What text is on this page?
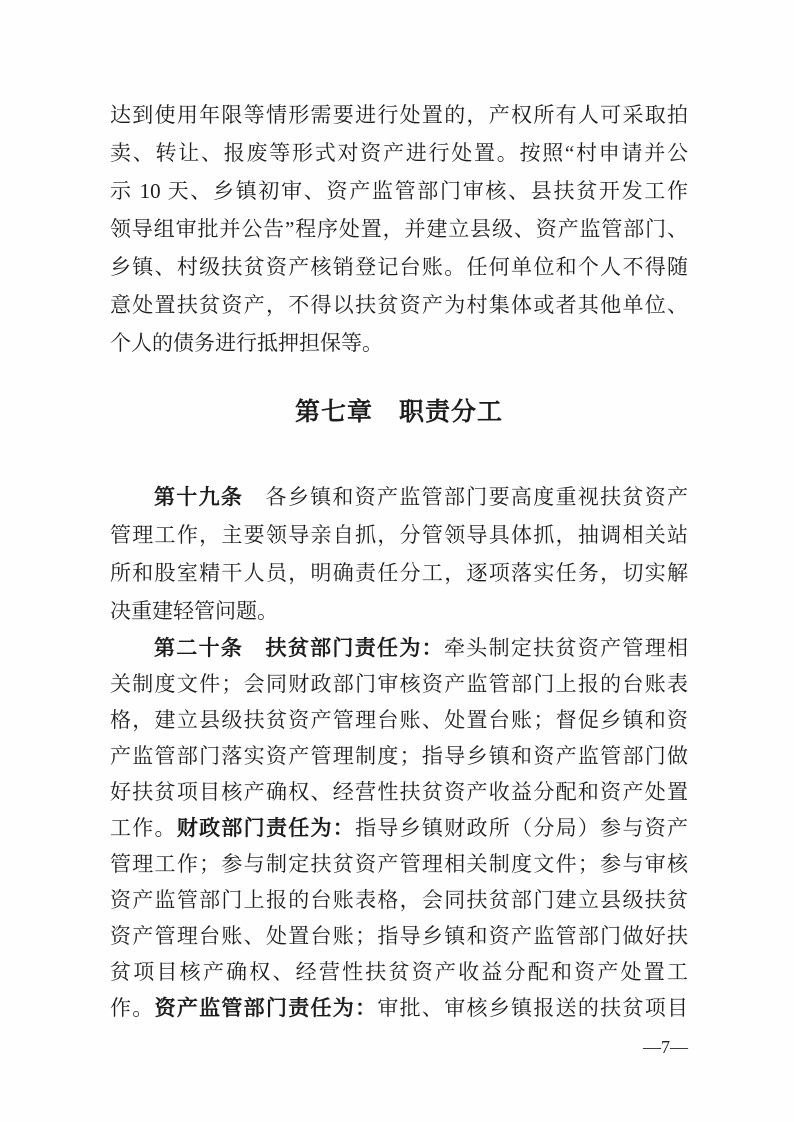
达到使用年限等情形需要进行处置的，产权所有人可采取拍
卖、转让、报废等形式对资产进行处置。按照“村申请并公
示 10 天、乡镇初审、资产监管部门审核、县扶贫开发工作
领导组审批并公告”程序处置，并建立县级、资产监管部门、
乡镇、村级扶贫资产核销登记台账。任何单位和个人不得随
意处置扶贫资产，不得以扶贫资产为村集体或者其他单位、
个人的债务进行抵押担保等。
第七章　职责分工
第十九条　各乡镇和资产监管部门要高度重视扶贫资产
管理工作，主要领导亲自抓，分管领导具体抓，抽调相关站
所和股室精干人员，明确责任分工，逐项落实任务，切实解
决重建轻管问题。
第二十条　扶贫部门责任为：牵头制定扶贫资产管理相
关制度文件；会同财政部门审核资产监管部门上报的台账表
格，建立县级扶贫资产管理台账、处置台账；督促乡镇和资
产监管部门落实资产管理制度；指导乡镇和资产监管部门做
好扶贫项目核产确权、经营性扶贫资产收益分配和资产处置
工作。财政部门责任为：指导乡镇财政所（分局）参与资产
管理工作；参与制定扶贫资产管理相关制度文件；参与审核
资产监管部门上报的台账表格，会同扶贫部门建立县级扶贫
资产管理台账、处置台账；指导乡镇和资产监管部门做好扶
贫项目核产确权、经营性扶贫资产收益分配和资产处置工
作。资产监管部门责任为：审批、审核乡镇报送的扶贫项目
—7—
